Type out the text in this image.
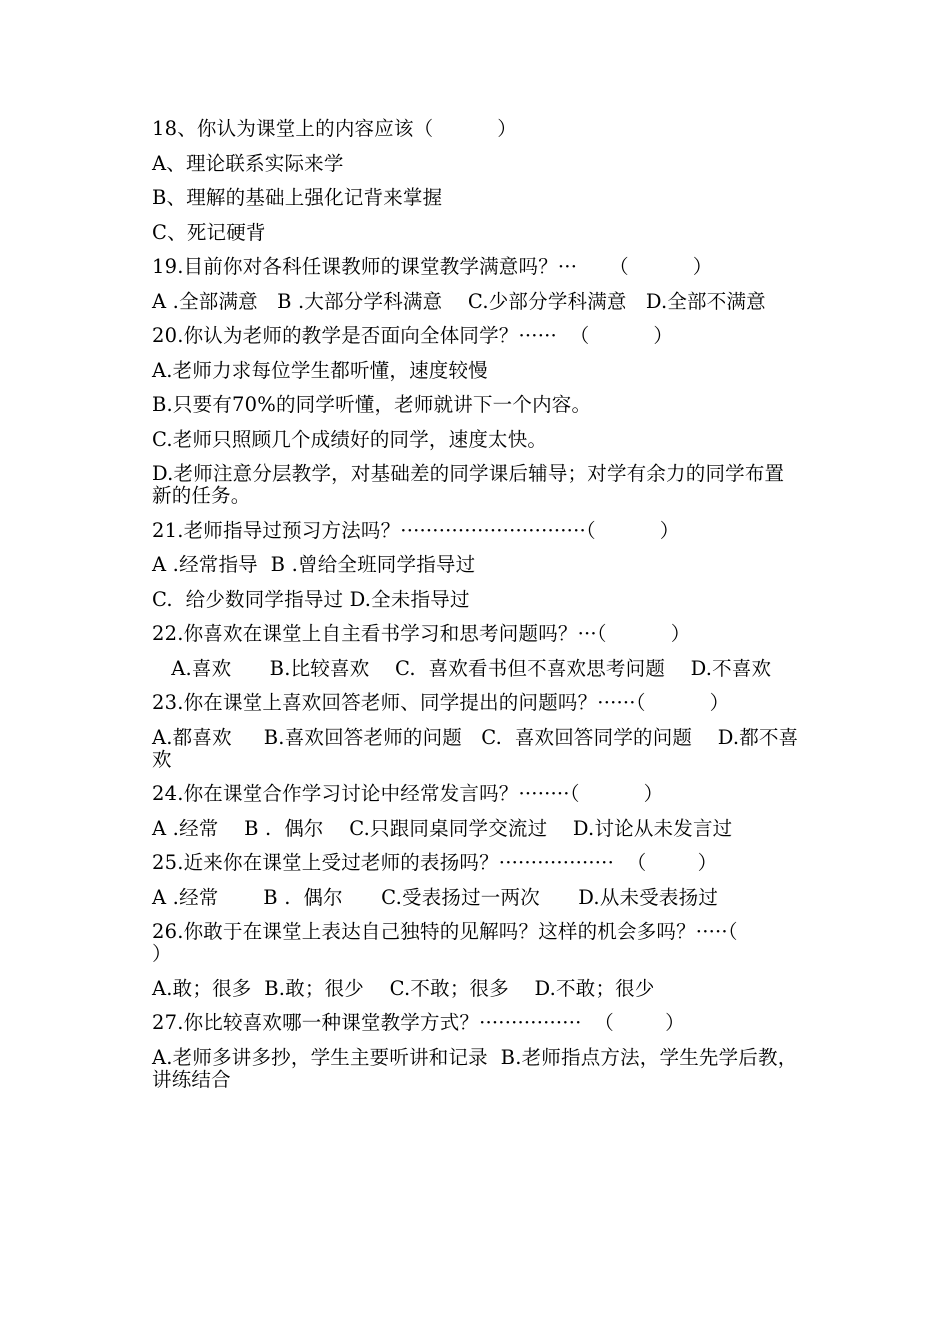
18、你认为课堂上的内容应该（          ）
A、理论联系实际来学
B、理解的基础上强化记背来掌握
C、死记硬背
19.目前你对各科任课教师的课堂教学满意吗？···     （          ）
A .全部满意   B .大部分学科满意    C.少部分学科满意   D.全部不满意
20.你认为老师的教学是否面向全体同学？······  （          ）
A.老师力求每位学生都听懂，速度较慢
B.只要有70%的同学听懂，老师就讲下一个内容。
C.老师只照顾几个成绩好的同学，速度太快。
D.老师注意分层教学，对基础差的同学课后辅导；对学有余力的同学布置新的任务。
21.老师指导过预习方法吗？·····························（          ）
A .经常指导  B .曾给全班同学指导过
C.  给少数同学指导过 D.全未指导过
22.你喜欢在课堂上自主看书学习和思考问题吗？···（          ）
A.喜欢      B.比较喜欢    C.  喜欢看书但不喜欢思考问题    D.不喜欢
23.你在课堂上喜欢回答老师、同学提出的问题吗？······（          ）
A.都喜欢     B.喜欢回答老师的问题   C.  喜欢回答同学的问题    D.都不喜欢
24.你在课堂合作学习讨论中经常发言吗？········（          ）
A .经常    B .  偶尔    C.只跟同桌同学交流过    D.讨论从未发言过
25.近来你在课堂上受过老师的表扬吗？··················  （        ）
A .经常       B .  偶尔      C.受表扬过一两次      D.从未受表扬过
26.你敢于在课堂上表达自己独特的见解吗？这样的机会多吗？·····（          ）
A.敢；很多  B.敢；很少    C.不敢；很多    D.不敢；很少
27.你比较喜欢哪一种课堂教学方式？················  （        ）
A.老师多讲多抄，学生主要听讲和记录  B.老师指点方法，学生先学后教，讲练结合
